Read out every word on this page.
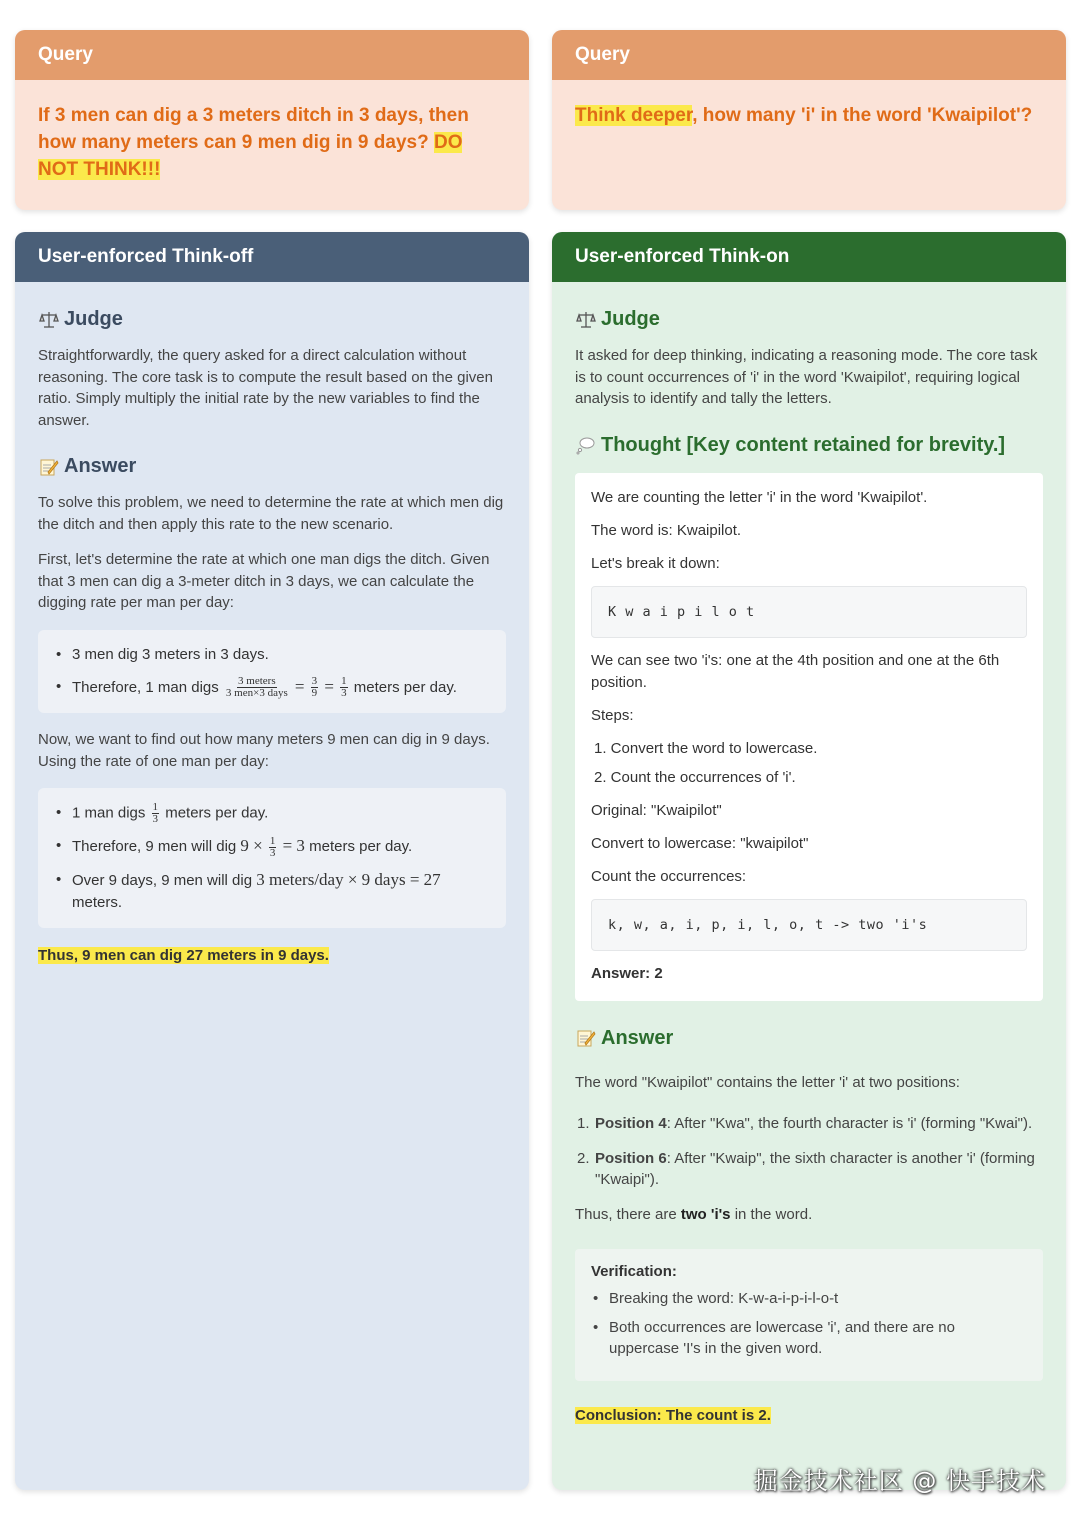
Query
If 3 men can dig a 3 meters ditch in 3 days, then how many meters can 9 men dig in 9 days? DO NOT THINK!!!
Query
Think deeper, how many 'i' in the word 'Kwaipilot'?
User-enforced Think-off
Judge

Straightforwardly, the query asked for a direct calculation without reasoning. The core task is to compute the result based on the given ratio. Simply multiply the initial rate by the new variables to find the answer.

Answer

To solve this problem, we need to determine the rate at which men dig the ditch and then apply this rate to the new scenario.

First, let's determine the rate at which one man digs the ditch. Given that 3 men can dig a 3-meter ditch in 3 days, we can calculate the digging rate per man per day:

• 3 men dig 3 meters in 3 days.
• Therefore, 1 man digs $\frac{\text{3 meters}}{\text{3 men×3 days}} = \frac{3}{9} = \frac{1}{3}$ meters per day.

Now, we want to find out how many meters 9 men can dig in 9 days. Using the rate of one man per day:

• 1 man digs $\frac{1}{3}$ meters per day.
• Therefore, 9 men will dig $9 \times \frac{1}{3} = 3$ meters per day.
• Over 9 days, 9 men will dig 3 meters/day × 9 days = 27 meters.

Thus, 9 men can dig 27 meters in 9 days.

User-enforced Think-on
Judge

It asked for deep thinking, indicating a reasoning mode. The core task is to count occurrences of 'i' in the word 'Kwaipilot', requiring logical analysis to identify and tally the letters.

Thought [Key content retained for brevity.]

We are counting the letter 'i' in the word 'Kwaipilot'.

The word is: Kwaipilot.

Let's break it down:

K w a i p i l o t

We can see two 'i's: one at the 4th position and one at the 6th position.

Steps:

1. Convert the word to lowercase.
2. Count the occurrences of 'i'.

Original: "Kwaipilot"

Convert to lowercase: "kwaipilot"

Count the occurrences:

k, w, a, i, p, i, l, o, t -> two 'i's

Answer: 2

Answer

The word "Kwaipilot" contains the letter 'i' at two positions:

1. Position 4: After "Kwa", the fourth character is 'i' (forming "Kwai").
2. Position 6: After "Kwaip", the sixth character is another 'i' (forming "Kwaipi").

Thus, there are two 'i's in the word.

Verification:
• Breaking the word: K-w-a-i-p-i-l-o-t
• Both occurrences are lowercase 'i', and there are no uppercase 'I's in the given word.

Conclusion: The count is 2.

掘金技术社区 @ 快手技术
